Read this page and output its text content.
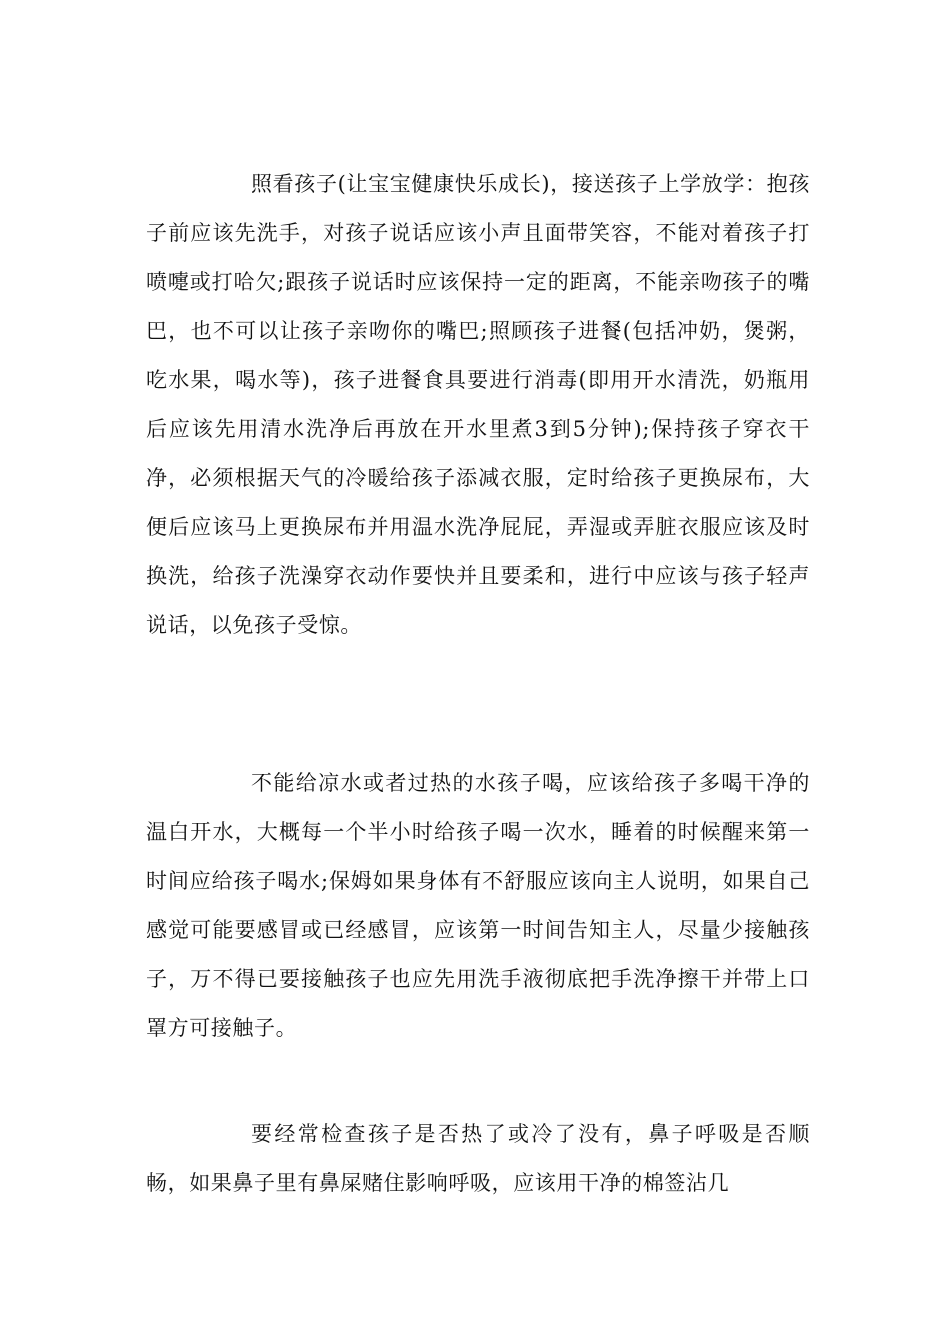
照看孩子(让宝宝健康快乐成长)，接送孩子上学放学：抱孩子前应该先洗手，对孩子说话应该小声且面带笑容，不能对着孩子打喷嚏或打哈欠;跟孩子说话时应该保持一定的距离，不能亲吻孩子的嘴巴，也不可以让孩子亲吻你的嘴巴;照顾孩子进餐(包括冲奶，煲粥，吃水果，喝水等)，孩子进餐食具要进行消毒(即用开水清洗，奶瓶用后应该先用清水洗净后再放在开水里煮3到5分钟);保持孩子穿衣干净，必须根据天气的冷暖给孩子添减衣服，定时给孩子更换尿布，大便后应该马上更换尿布并用温水洗净屁屁，弄湿或弄脏衣服应该及时换洗，给孩子洗澡穿衣动作要快并且要柔和，进行中应该与孩子轻声说话，以免孩子受惊。

不能给凉水或者过热的水孩子喝，应该给孩子多喝干净的温白开水，大概每一个半小时给孩子喝一次水，睡着的时候醒来第一时间应给孩子喝水;保姆如果身体有不舒服应该向主人说明，如果自己感觉可能要感冒或已经感冒，应该第一时间告知主人，尽量少接触孩子，万不得已要接触孩子也应先用洗手液彻底把手洗净擦干并带上口罩方可接触子。

要经常检查孩子是否热了或冷了没有，鼻子呼吸是否顺畅，如果鼻子里有鼻屎赌住影响呼吸，应该用干净的棉签沾几
